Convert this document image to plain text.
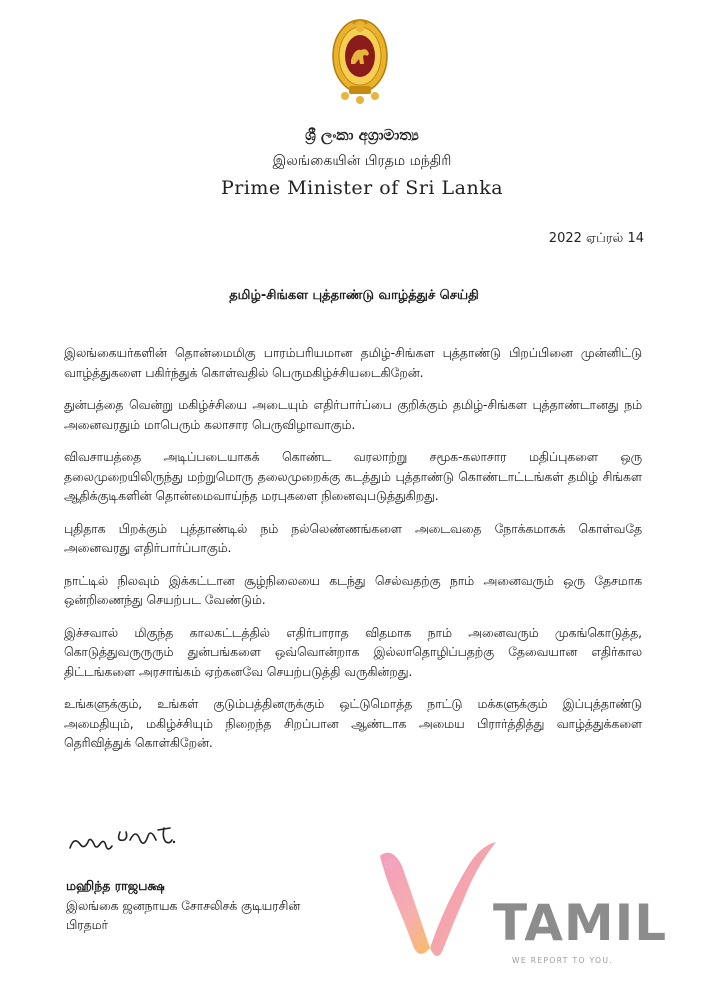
ශ්‍රී ලංකා අග්‍රාමාත්‍ය
இலங்கையின் பிரதம மந்திரி
Prime Minister of Sri Lanka
2022 ஏப்ரல் 14
தமிழ்-சிங்கள புத்தாண்டு வாழ்த்துச் செய்தி

இலங்கையர்களின் தொன்மைமிகு பாரம்பரியமான தமிழ்-சிங்கள புத்தாண்டு பிறப்பினை முன்னிட்டு வாழ்த்துகளை பகிர்ந்துக் கொள்வதில் பெருமகிழ்ச்சியடைகிறேன்.

துன்பத்தை வென்று மகிழ்ச்சியை அடையும் எதிர்பார்ப்பை குறிக்கும் தமிழ்-சிங்கள புத்தாண்டானது நம் அனைவரதும் மாபெரும் கலாசார பெருவிழாவாகும்.

விவசாயத்தை அடிப்படையாகக் கொண்ட வரலாற்று சமூக-கலாசார மதிப்புகளை ஒரு தலைமுறையிலிருந்து மற்றுமொரு தலைமுறைக்கு கடத்தும் புத்தாண்டு கொண்டாட்டங்கள் தமிழ் சிங்கள ஆதிக்குடிகளின் தொன்மைவாய்ந்த மரபுகளை நினைவுபடுத்துகிறது.

புதிதாக பிறக்கும் புத்தாண்டில் நம் நல்லெண்ணங்களை அடைவதை நோக்கமாகக் கொள்வதே அனைவரது எதிர்பார்ப்பாகும்.

நாட்டில் நிலவும் இக்கட்டான சூழ்நிலையை கடந்து செல்வதற்கு நாம் அனைவரும் ஒரு தேசமாக ஒன்றிணைந்து செயற்பட வேண்டும்.

இச்சவால் மிகுந்த காலகட்டத்தில் எதிர்பாராத விதமாக நாம் அனைவரும் முகங்கொடுத்த, கொடுத்துவருருரும் துன்பங்களை ஒவ்வொன்றாக இல்லாதொழிப்பதற்கு தேவையான எதிர்கால திட்டங்களை அரசாங்கம் ஏற்கனவே செயற்படுத்தி வருகின்றது.

உங்களுக்கும், உங்கள் குடும்பத்தினருக்கும் ஒட்டுமொத்த நாட்டு மக்களுக்கும் இப்புத்தாண்டு அமைதியும், மகிழ்ச்சியும் நிறைந்த சிறப்பான ஆண்டாக அமைய பிரார்த்தித்து வாழ்த்துக்களை தெரிவித்துக் கொள்கிறேன்.

மஹிந்த ராஜபக்ஷ
இலங்கை ஜனநாயக சோசலிசக் குடியரசின்
பிரதமர்	TAMIL
WE REPORT TO YOU.
